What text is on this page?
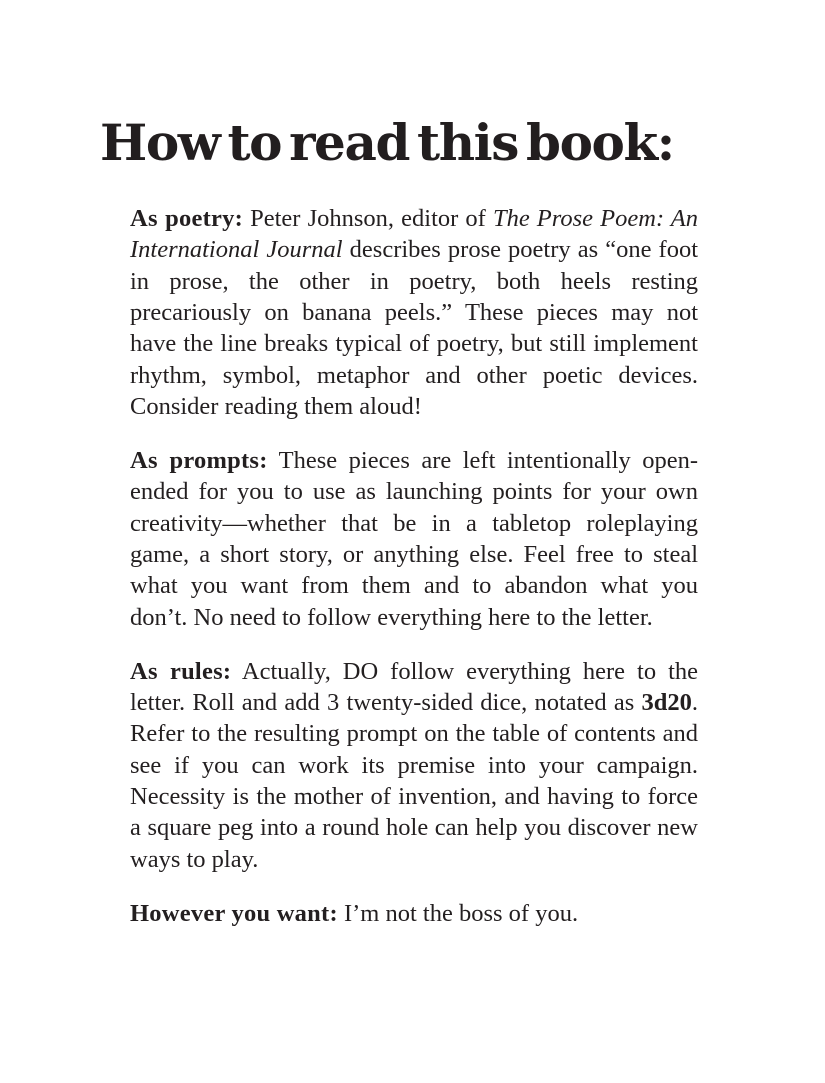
How to read this book:

As poetry: Peter Johnson, editor of The Prose Poem: An International Journal describes prose poetry as “one foot in prose, the other in poetry, both heels resting precariously on banana peels.” These pieces may not have the line breaks typical of poetry, but still implement rhythm, symbol, metaphor and other poetic devices. Consider reading them aloud!

As prompts: These pieces are left intentionally open-ended for you to use as launching points for your own creativity—whether that be in a tabletop roleplaying game, a short story, or anything else. Feel free to steal what you want from them and to abandon what you don’t. No need to follow everything here to the letter.

As rules: Actually, DO follow everything here to the letter. Roll and add 3 twenty-sided dice, notated as 3d20. Refer to the resulting prompt on the table of contents and see if you can work its premise into your campaign. Necessity is the mother of invention, and having to force a square peg into a round hole can help you discover new ways to play.

However you want: I’m not the boss of you.
